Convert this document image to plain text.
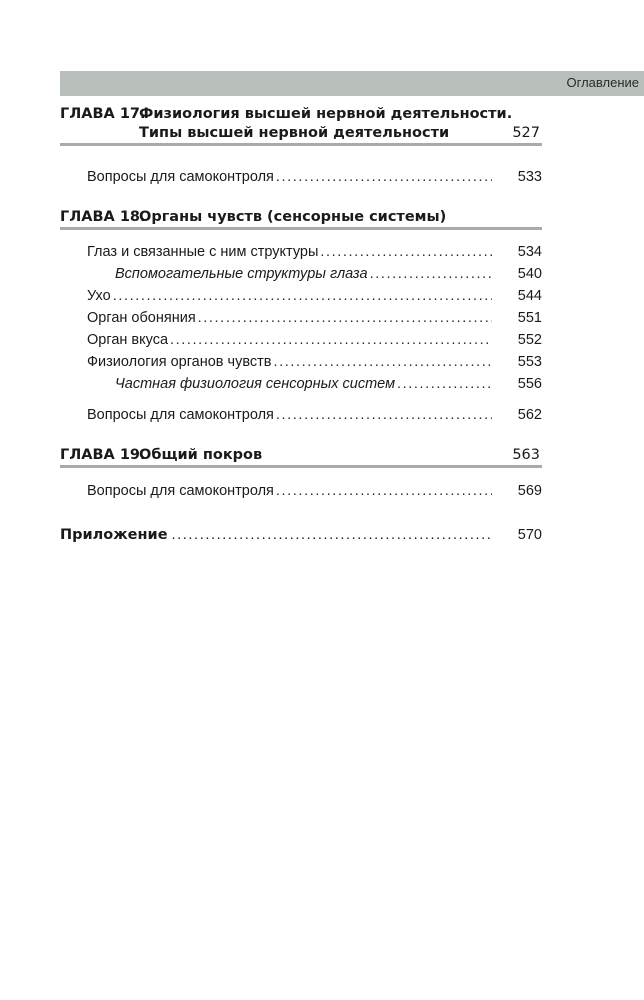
Оглавление
ГЛАВА 17.
Физиология высшей нервной деятельности.
Типы высшей нервной деятельности	527
Вопросы для самоконтроля .....	533
ГЛАВА 18.
Органы чувств (сенсорные системы)
Глаз и связанные с ним структуры .....	534
Вспомогательные структуры глаза .....	540
Ухо .....	544
Орган обоняния .....	551
Орган вкуса .....	552
Физиология органов чувств .....	553
Частная физиология сенсорных систем .....	556
Вопросы для самоконтроля .....	562
ГЛАВА 19.
Общий покров	563
Вопросы для самоконтроля .....	569
Приложение .....	570
